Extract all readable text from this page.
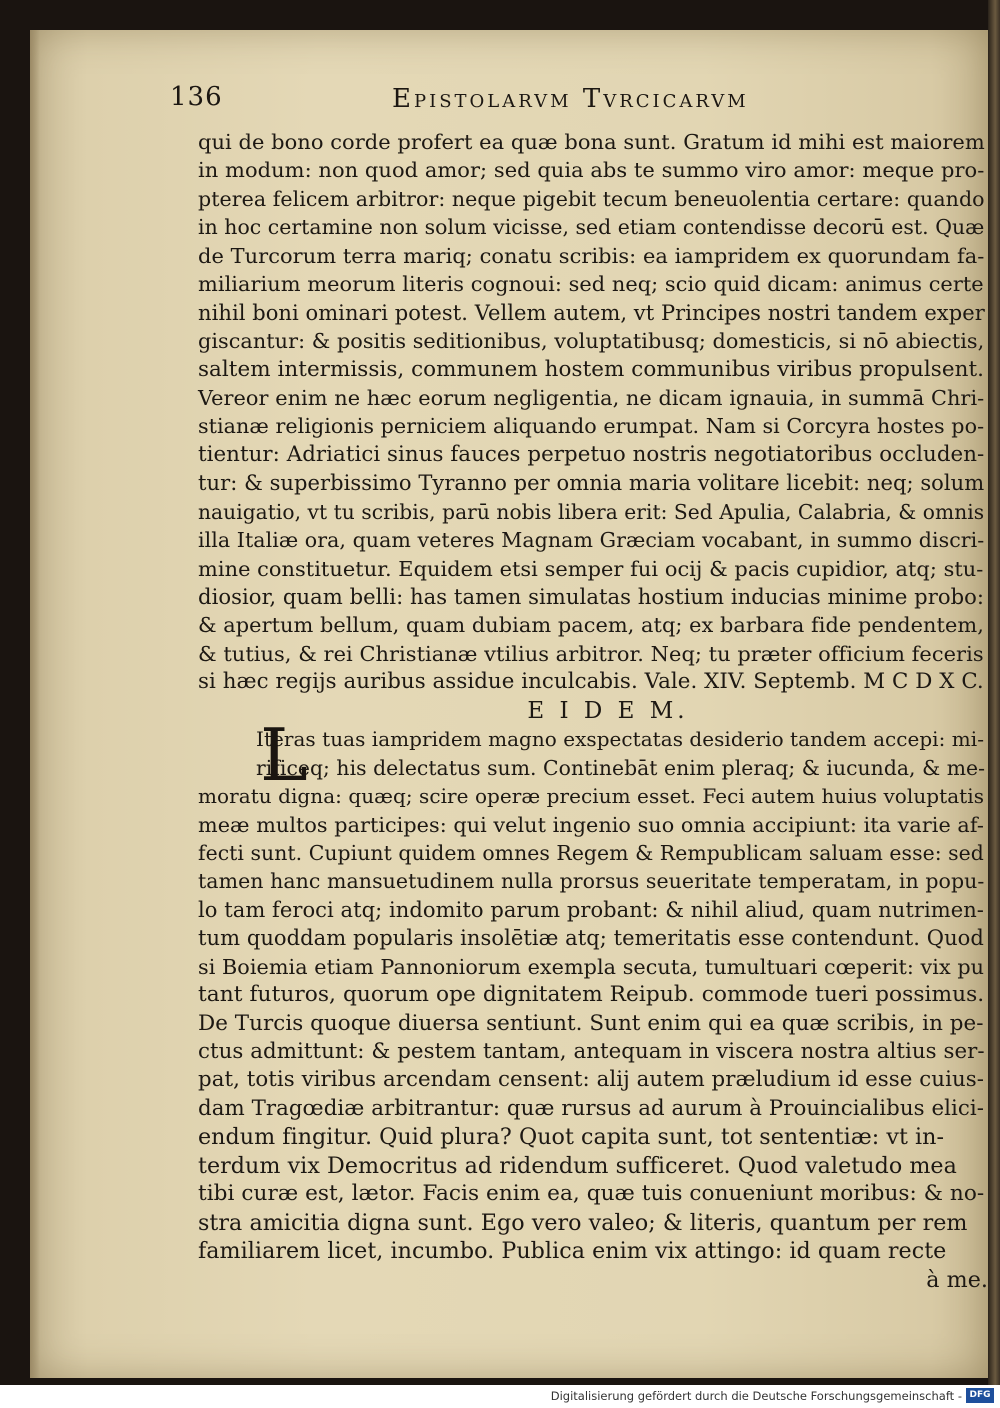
136	Epistolarvm Tvrcicarvm
qui de bono corde profert ea quæ bona sunt. Gratum id mihi est maiorem
in modum: non quod amor; sed quia abs te summo viro amor: meque pro-
pterea felicem arbitror: neque pigebit tecum beneuolentia certare: quando
in hoc certamine non solum vicisse, sed etiam contendisse decorū est. Quæ
de Turcorum terra mariq; conatu scribis: ea iampridem ex quorundam fa-
miliarium meorum literis cognoui: sed neq; scio quid dicam: animus certe
nihil boni ominari potest. Vellem autem, vt Principes nostri tandem exper
giscantur: & positis seditionibus, voluptatibusq; domesticis, si nō abiectis,
saltem intermissis, communem hostem communibus viribus propulsent.
Vereor enim ne hæc eorum negligentia, ne dicam ignauia, in summā Chri-
stianæ religionis perniciem aliquando erumpat. Nam si Corcyra hostes po-
tientur: Adriatici sinus fauces perpetuo nostris negotiatoribus occluden-
tur: & superbissimo Tyranno per omnia maria volitare licebit: neq; solum
nauigatio, vt tu scribis, parū nobis libera erit: Sed Apulia, Calabria, & omnis
illa Italiæ ora, quam veteres Magnam Græciam vocabant, in summo discri-
mine constituetur. Equidem etsi semper fui ocij & pacis cupidior, atq; stu-
diosior, quam belli: has tamen simulatas hostium inducias minime probo:
& apertum bellum, quam dubiam pacem, atq; ex barbara fide pendentem,
& tutius, & rei Christianæ vtilius arbitror. Neq; tu præter officium feceris
si hæc regijs auribus assidue inculcabis. Vale. XIV. Septemb. M C D X C.
E I D E M.
L
Iteras tuas iampridem magno exspectatas desiderio tandem accepi: mi-
rificeq; his delectatus sum. Continebāt enim pleraq; & iucunda, & me-
moratu digna: quæq; scire operæ precium esset. Feci autem huius voluptatis
meæ multos participes: qui velut ingenio suo omnia accipiunt: ita varie af-
fecti sunt. Cupiunt quidem omnes Regem & Rempublicam saluam esse: sed
tamen hanc mansuetudinem nulla prorsus seueritate temperatam, in popu-
lo tam feroci atq; indomito parum probant: & nihil aliud, quam nutrimen-
tum quoddam popularis insolētiæ atq; temeritatis esse contendunt. Quod
si Boiemia etiam Pannoniorum exempla secuta, tumultuari cœperit: vix pu
tant futuros, quorum ope dignitatem Reipub. commode tueri possimus.
De Turcis quoque diuersa sentiunt. Sunt enim qui ea quæ scribis, in pe-
ctus admittunt: & pestem tantam, antequam in viscera nostra altius ser-
pat, totis viribus arcendam censent: alij autem præludium id esse cuius-
dam Tragœdiæ arbitrantur: quæ rursus ad aurum à Prouincialibus elici-
endum fingitur. Quid plura? Quot capita sunt, tot sententiæ: vt in-
terdum vix Democritus ad ridendum sufficeret. Quod valetudo mea
tibi curæ est, lætor. Facis enim ea, quæ tuis conueniunt moribus: & no-
stra amicitia digna sunt. Ego vero valeo; & literis, quantum per rem
familiarem licet, incumbo. Publica enim vix attingo: id quam recte
à me.
Digitalisierung gefördert durch die Deutsche Forschungsgemeinschaft - DFG
